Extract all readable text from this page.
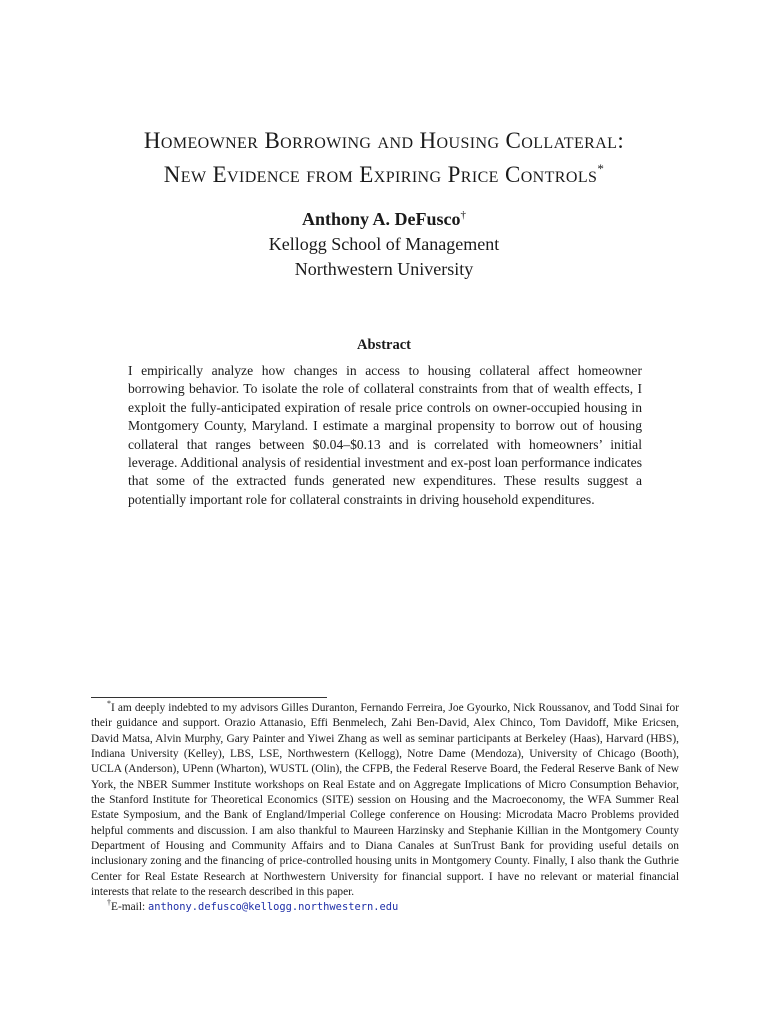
Homeowner Borrowing and Housing Collateral:
New Evidence from Expiring Price Controls*
Anthony A. DeFusco†
Kellogg School of Management
Northwestern University
Abstract
I empirically analyze how changes in access to housing collateral affect homeowner borrowing behavior. To isolate the role of collateral constraints from that of wealth effects, I exploit the fully-anticipated expiration of resale price controls on owner-occupied housing in Montgomery County, Maryland. I estimate a marginal propensity to borrow out of housing collateral that ranges between $0.04–$0.13 and is correlated with homeowners’ initial leverage. Additional analysis of residential investment and ex-post loan performance indicates that some of the extracted funds generated new expenditures. These results suggest a potentially important role for collateral constraints in driving household expenditures.

*I am deeply indebted to my advisors Gilles Duranton, Fernando Ferreira, Joe Gyourko, Nick Roussanov, and Todd Sinai for their guidance and support. Orazio Attanasio, Effi Benmelech, Zahi Ben-David, Alex Chinco, Tom Davidoff, Mike Ericsen, David Matsa, Alvin Murphy, Gary Painter and Yiwei Zhang as well as seminar participants at Berkeley (Haas), Harvard (HBS), Indiana University (Kelley), LBS, LSE, Northwestern (Kellogg), Notre Dame (Mendoza), University of Chicago (Booth), UCLA (Anderson), UPenn (Wharton), WUSTL (Olin), the CFPB, the Federal Reserve Board, the Federal Reserve Bank of New York, the NBER Summer Institute workshops on Real Estate and on Aggregate Implications of Micro Consumption Behavior, the Stanford Institute for Theoretical Economics (SITE) session on Housing and the Macroeconomy, the WFA Summer Real Estate Symposium, and the Bank of England/Imperial College conference on Housing: Microdata Macro Problems provided helpful comments and discussion. I am also thankful to Maureen Harzinsky and Stephanie Killian in the Montgomery County Department of Housing and Community Affairs and to Diana Canales at SunTrust Bank for providing useful details on inclusionary zoning and the financing of price-controlled housing units in Montgomery County. Finally, I also thank the Guthrie Center for Real Estate Research at Northwestern University for financial support. I have no relevant or material financial interests that relate to the research described in this paper.

†E-mail: anthony.defusco@kellogg.northwestern.edu
